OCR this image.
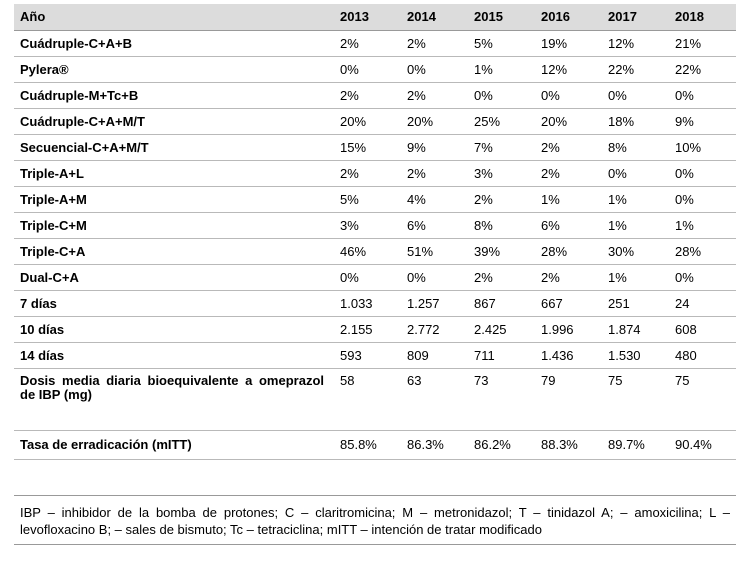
Año	2013	2014	2015	2016	2017	2018
Cuádruple-C+A+B	2%	2%	5%	19%	12%	21%
Pylera®	0%	0%	1%	12%	22%	22%
Cuádruple-M+Tc+B	2%	2%	0%	0%	0%	0%
Cuádruple-C+A+M/T	20%	20%	25%	20%	18%	9%
Secuencial-C+A+M/T	15%	9%	7%	2%	8%	10%
Triple-A+L	2%	2%	3%	2%	0%	0%
Triple-A+M	5%	4%	2%	1%	1%	0%
Triple-C+M	3%	6%	8%	6%	1%	1%
Triple-C+A	46%	51%	39%	28%	30%	28%
Dual-C+A	0%	0%	2%	2%	1%	0%
7 días	1.033	1.257	867	667	251	24
10 días	2.155	2.772	2.425	1.996	1.874	608
14 días	593	809	711	1.436	1.530	480
Dosis media diaria bioequivalente a omeprazol de IBP (mg)	58	63	73	79	75	75
Tasa de erradicación (mITT)	85.8%	86.3%	86.2%	88.3%	89.7%	90.4%
IBP – inhibidor de la bomba de protones; C – claritromicina; M – metronidazol; T – tinidazol A; – amoxicilina; L – levofloxacino B; – sales de bismuto; Tc – tetraciclina; mITT – intención de tratar modificado
